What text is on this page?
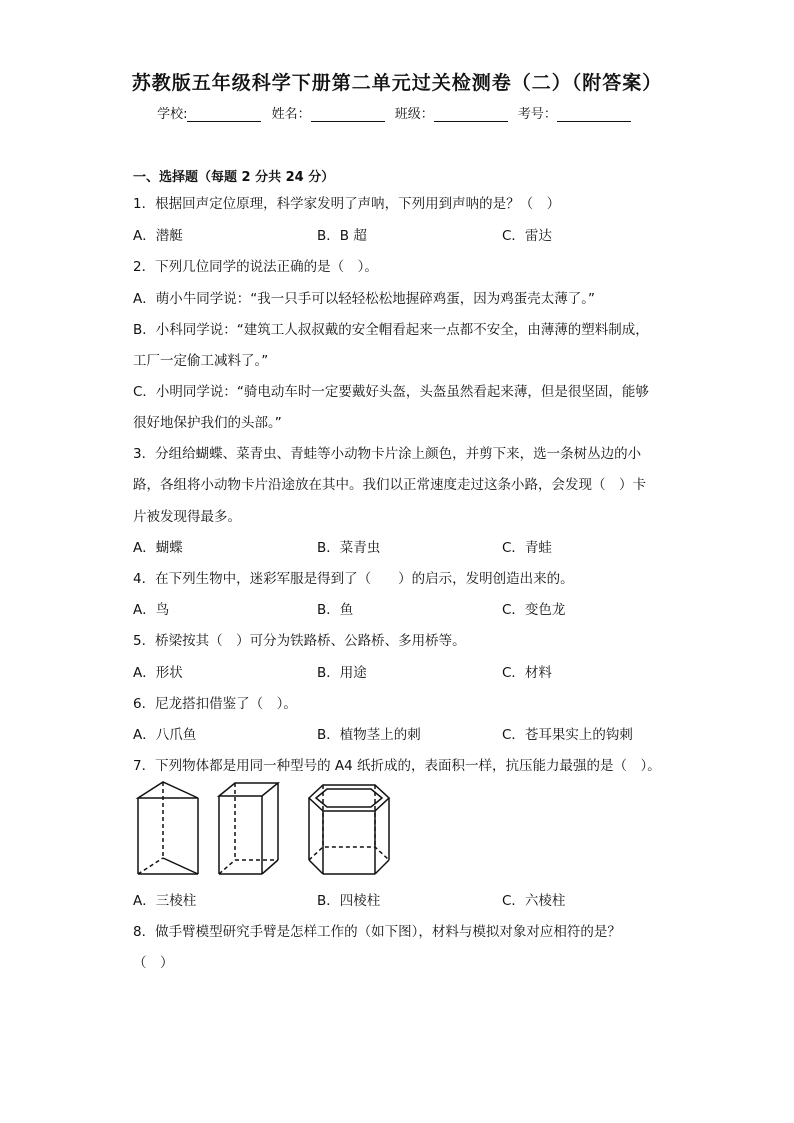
苏教版五年级科学下册第二单元过关检测卷（二）（附答案）
学校:	姓名：	班级：	考号：
一、选择题（每题 2 分共 24 分）
1．根据回声定位原理，科学家发明了声呐，下列用到声呐的是？（　）
A．潜艇	B．B 超	C．雷达
2．下列几位同学的说法正确的是（　）。
A．萌小牛同学说：“我一只手可以轻轻松松地握碎鸡蛋，因为鸡蛋壳太薄了。”
B．小科同学说：“建筑工人叔叔戴的安全帽看起来一点都不安全，由薄薄的塑料制成，
工厂一定偷工减料了。”
C．小明同学说：“骑电动车时一定要戴好头盔，头盔虽然看起来薄，但是很坚固，能够
很好地保护我们的头部。”
3．分组给蝴蝶、菜青虫、青蛙等小动物卡片涂上颜色，并剪下来，选一条树丛边的小
路，各组将小动物卡片沿途放在其中。我们以正常速度走过这条小路，会发现（　）卡
片被发现得最多。
A．蝴蝶	B．菜青虫	C．青蛙
4．在下列生物中，迷彩军服是得到了（　　）的启示，发明创造出来的。
A．鸟	B．鱼	C．变色龙
5．桥梁按其（　）可分为铁路桥、公路桥、多用桥等。
A．形状	B．用途	C．材料
6．尼龙搭扣借鉴了（　）。
A．八爪鱼	B．植物茎上的刺	C．苍耳果实上的钩刺
7．下列物体都是用同一种型号的 A4 纸折成的，表面积一样，抗压能力最强的是（　）。
A．三棱柱	B．四棱柱	C．六棱柱
8．做手臂模型研究手臂是怎样工作的（如下图），材料与模拟对象对应相符的是？
（　）
